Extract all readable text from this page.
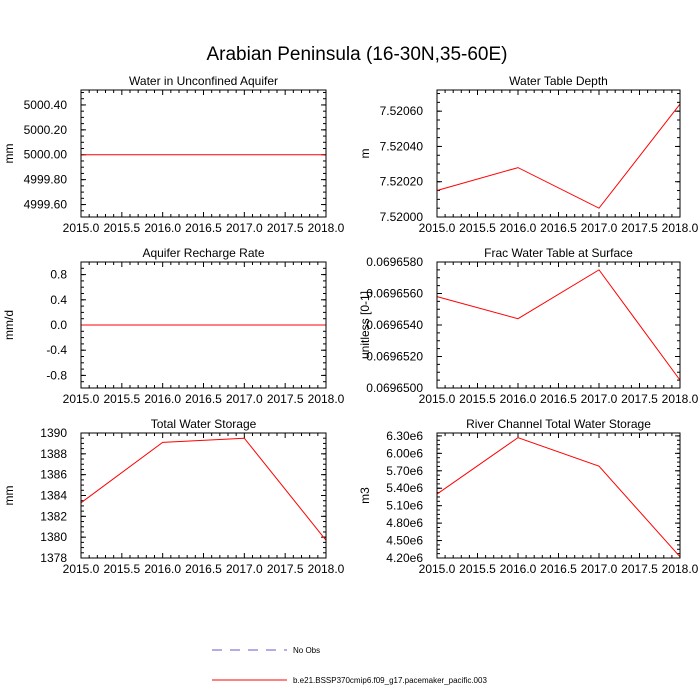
Arabian Peninsula (16-30N,35-60E)
Water in Unconfined Aquifer
mm
2015.0 2015.5 2016.0 2016.5 2017.0 2017.5 2018.0
4999.60
4999.80
5000.00
5000.20
5000.40
Water Table Depth
m
2015.0 2015.5 2016.0 2016.5 2017.0 2017.5 2018.0
7.52000
7.52020
7.52040
7.52060
Aquifer Recharge Rate
mm/d
2015.0 2015.5 2016.0 2016.5 2017.0 2017.5 2018.0
-0.8
-0.4
0.0
0.4
0.8
Frac Water Table at Surface
unitless [0-1]
2015.0 2015.5 2016.0 2016.5 2017.0 2017.5 2018.0
0.0696500
0.0696520
0.0696540
0.0696560
0.0696580
Total Water Storage
mm
2015.0 2015.5 2016.0 2016.5 2017.0 2017.5 2018.0
1378
1380
1382
1384
1386
1388
1390
River Channel Total Water Storage
m3
2015.0 2015.5 2016.0 2016.5 2017.0 2017.5 2018.0
4.20e6
4.50e6
4.80e6
5.10e6
5.40e6
5.70e6
6.00e6
6.30e6
No Obs
b.e21.BSSP370cmip6.f09_g17.pacemaker_pacific.003
